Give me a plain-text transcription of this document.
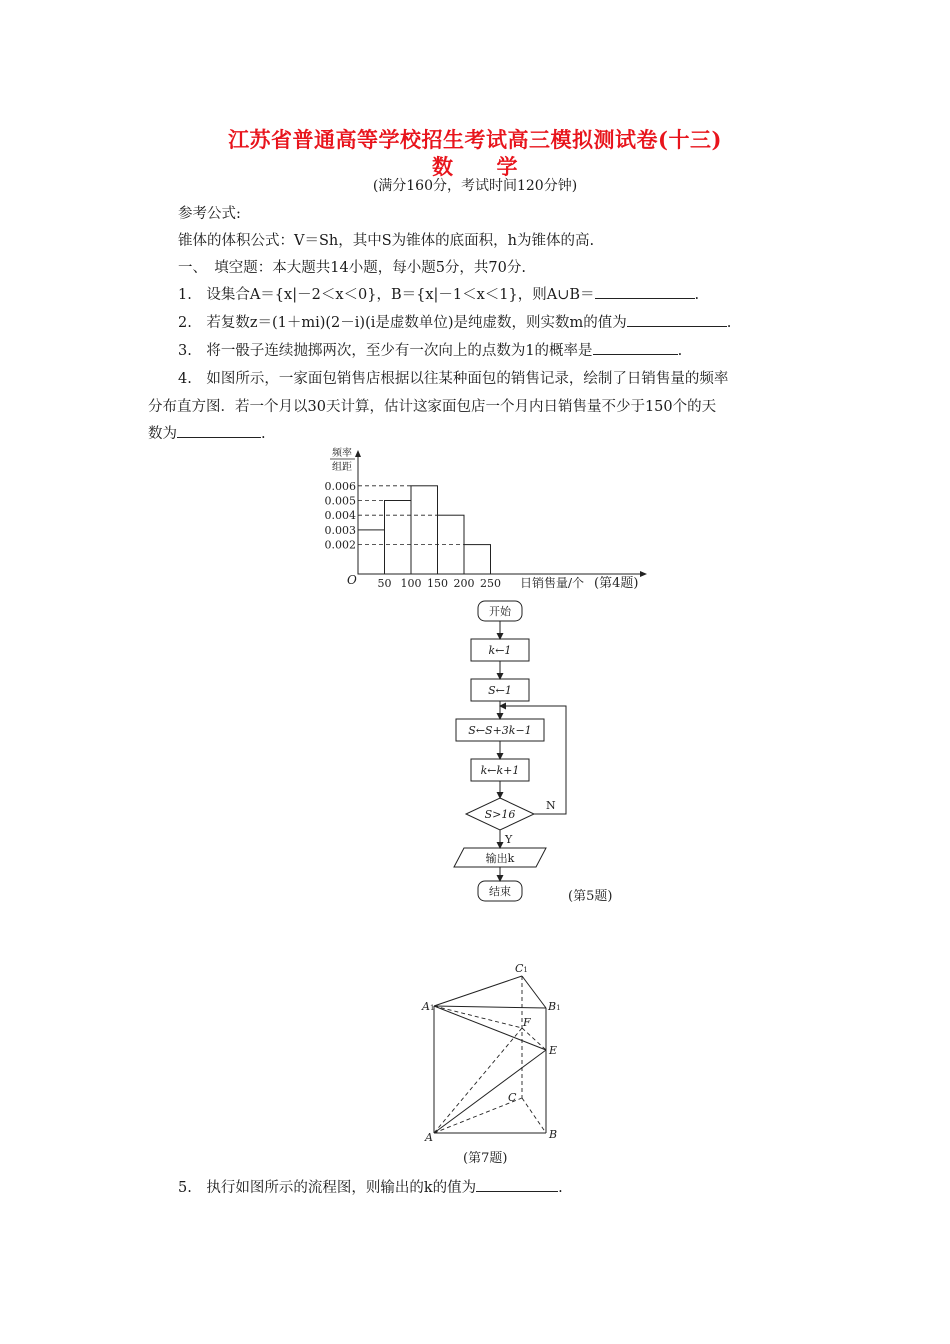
江苏省普通高等学校招生考试高三模拟测试卷(十三)
数　　学
(满分160分，考试时间120分钟)
参考公式:
锥体的体积公式：V＝Sh，其中S为锥体的底面积，h为锥体的高.
一、　填空题：本大题共14小题，每小题5分，共70分.
1.　设集合A＝{x|－2＜x＜0}，B＝{x|－1＜x＜1}，则A∪B＝	.
2.　若复数z＝(1＋mi)(2－i)(i是虚数单位)是纯虚数，则实数m的值为	.
3.　将一骰子连续抛掷两次，至少有一次向上的点数为1的概率是	.
4.　如图所示，一家面包销售店根据以往某种面包的销售记录，绘制了日销售量的频率
分布直方图．若一个月以30天计算，估计这家面包店一个月内日销售量不少于150个的天
数为	.
0.006
0.005
0.004
0.003
0.002
50 100 150 200 250
频率
组距
O	日销售量/个 (第4题)
开始
k←1
S←1
S←S+3k−1
k←k+1
S>16
N
Y
输出k
结束	(第5题)
C1
B1
A1
F
E
C
A	B
(第7题)
5.　执行如图所示的流程图，则输出的k的值为	.
